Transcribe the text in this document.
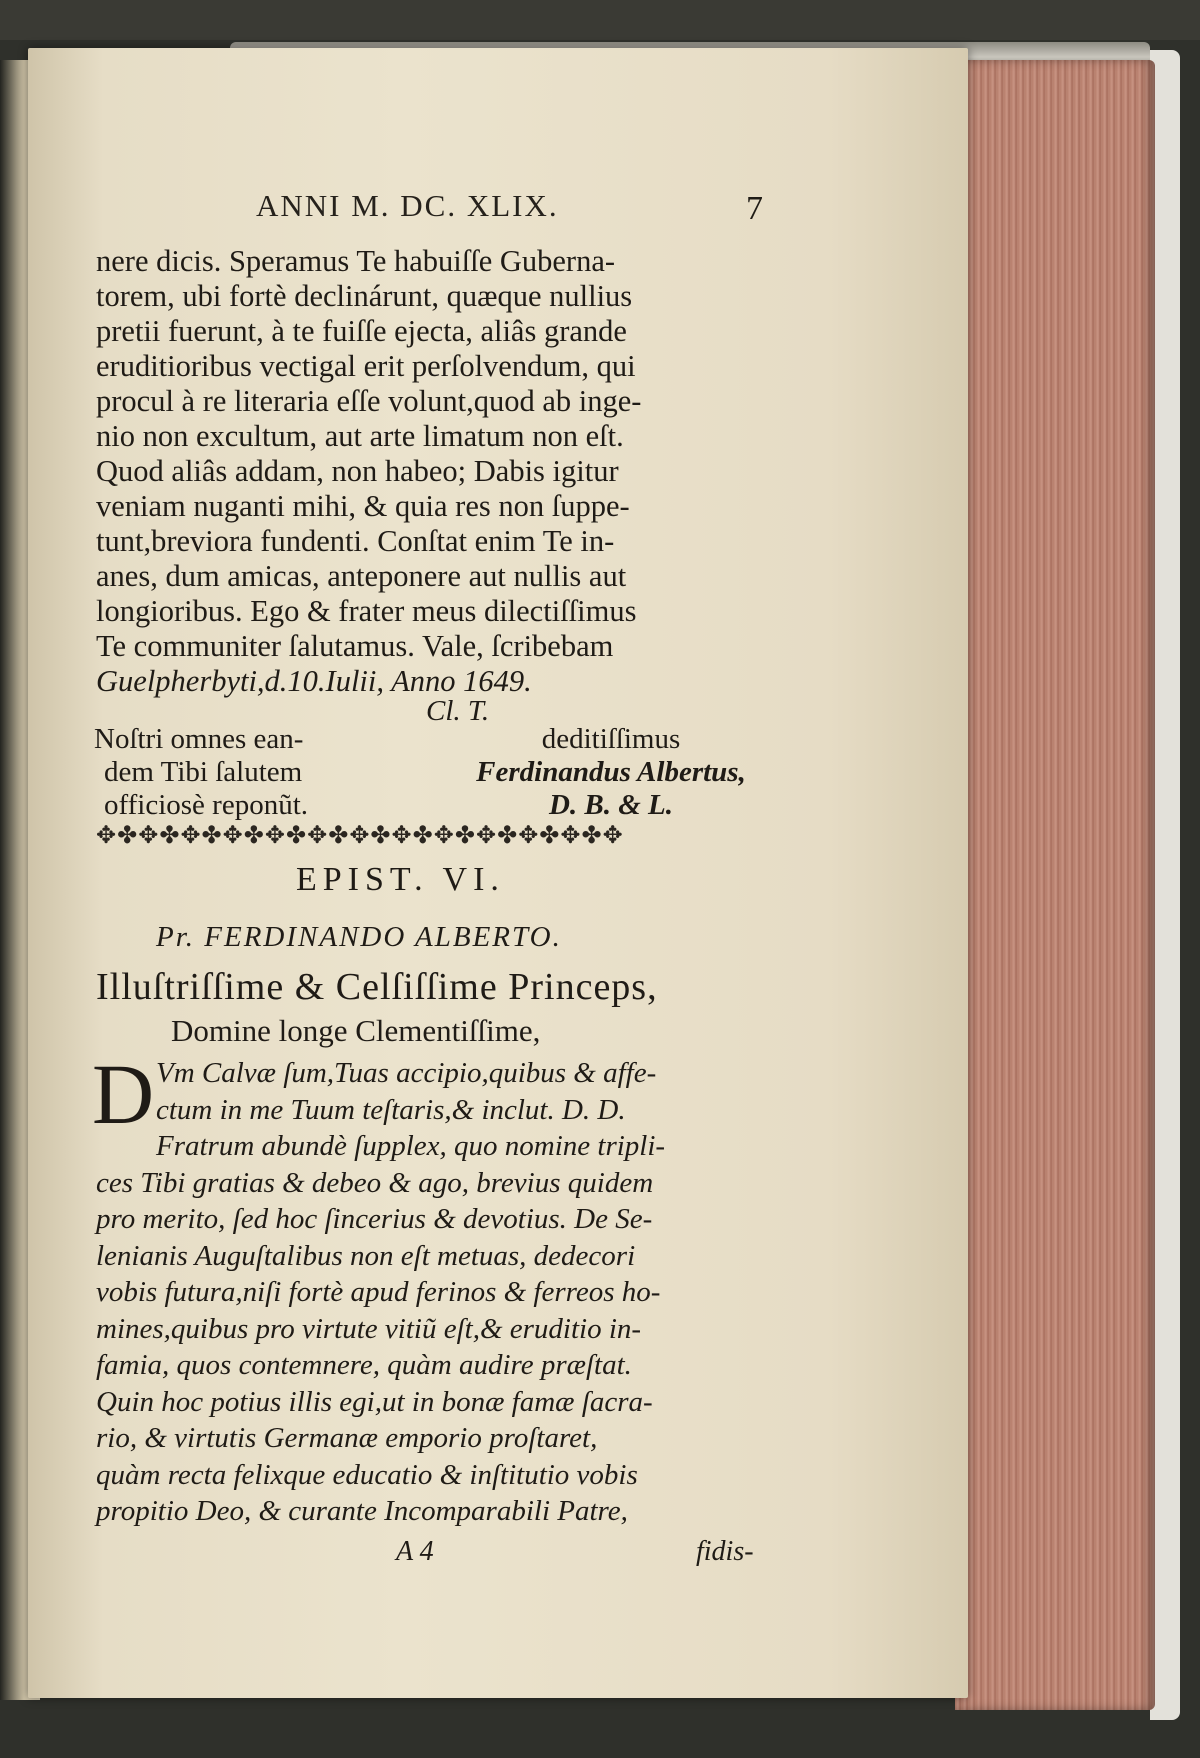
ANNI M. DC. XLIX.	7
nere dicis. Speramus Te habuiſſe Guberna-
torem, ubi fortè declinárunt, quæque nullius
pretii fuerunt, à te fuiſſe ejecta, aliâs grande
eruditioribus vectigal erit perſolvendum, qui
procul à re literaria eſſe volunt,quod ab inge-
nio non excultum, aut arte limatum non eſt.
Quod aliâs addam, non habeo; Dabis igitur
veniam nuganti mihi, & quia res non ſuppe-
tunt,breviora fundenti. Conſtat enim Te in-
anes, dum amicas, anteponere aut nullis aut
longioribus. Ego & frater meus dilectiſſimus
Te communiter ſalutamus. Vale, ſcribebam
Guelpherbyti,d.10.Iulii, Anno 1649.
Cl. T.
Noſtri omnes ean-
dem Tibi ſalutem
officiosè reponũt.
deditiſſimus
Ferdinandus Albertus,
D. B. & L.
✥✤✥✤✥✤✥✤✥✤✥✤✥✤✥✤✥✤✥✤✥✤✥✤✥
EPIST. VI.
Pr. FERDINANDO ALBERTO.
Illuſtriſſime & Celſiſſime Princeps,
Domine longe Clementiſſime,
D Vm Calvæ ſum,Tuas accipio,quibus & affe-
ctum in me Tuum teſtaris,& inclut. D. D.
Fratrum abundè ſupplex, quo nomine tripli-
ces Tibi gratias & debeo & ago, brevius quidem
pro merito, ſed hoc ſincerius & devotius. De Se-
lenianis Auguſtalibus non eſt metuas, dedecori
vobis futura,niſi fortè apud ferinos & ferreos ho-
mines,quibus pro virtute vitiũ eſt,& eruditio in-
famia, quos contemnere, quàm audire præſtat.
Quin hoc potius illis egi,ut in bonæ famæ ſacra-
rio, & virtutis Germanæ emporio proſtaret,
quàm recta felixque educatio & inſtitutio vobis
propitio Deo, & curante Incomparabili Patre,
A 4	fidis-
